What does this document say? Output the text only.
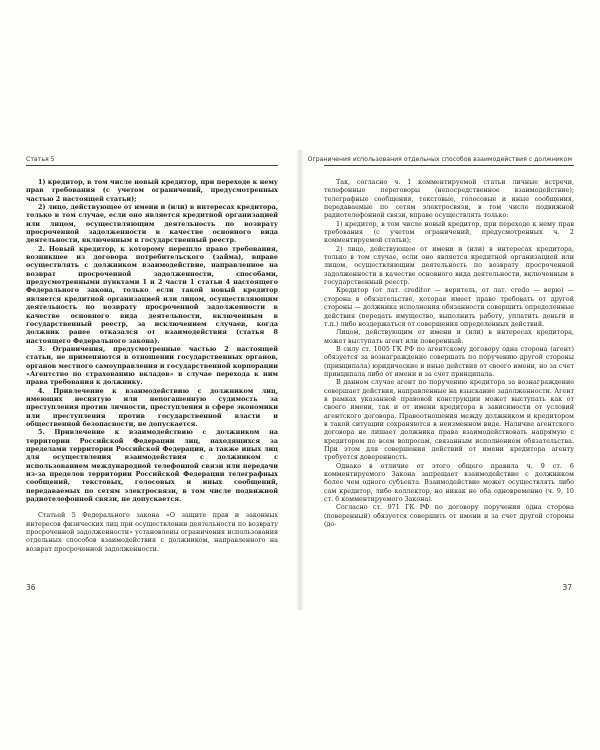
Статья 5

1) кредитор, в том числе новый кредитор, при переходе к нему прав требования (с учетом ограничений, предусмотренных частью 2 настоящей статьи);

2) лицо, действующее от имени и (или) в интересах кредитора, только в том случае, если оно является кредитной организацией или лицом, осуществляющим деятельность по возврату просроченной задолженности в качестве основного вида деятельности, включенным в государственный реестр.

2. Новый кредитор, к которому перешло право требования, возникшее из договора потребительского (займа), вправе осуществлять с должником взаимодействие, направленное на возврат просроченной задолженности, способами, предусмотренными пунктами 1 и 2 части 1 статьи 4 настоящего Федерального закона, только если такой новый кредитор является кредитной организацией или лицом, осуществляющим деятельность по возврату просроченной задолженности в качестве основного вида деятельности, включенным в государственный реестр, за исключением случаев, когда должник ранее отказался от взаимодействия (статья 8 настоящего Федерального закона).

3. Ограничения, предусмотренные частью 2 настоящей статьи, не применяются в отношении государственных органов, органов местного самоуправления и государственной корпорации «Агентство по страхованию вкладов» в случае перехода к ним права требования к должнику.

4. Привлечение к взаимодействию с должником лиц, имеющих неснятую или непогашенную судимость за преступления против личности, преступления в сфере экономики или преступления против государственной власти и общественной безопасности, не допускается.

5. Привлечение к взаимодействию с должником на территории Российской Федерации лиц, находящихся за пределами территории Российской Федерации, а также иных лиц для осуществления взаимодействия с должником с использованием международной телефонной связи или передачи из-за пределов территории Российской Федерации телеграфных сообщений, текстовых, голосовых и иных сообщений, передаваемых по сетям электросвязи, в том числе подвижной радиотелефонной связи, не допускается.

Статьей 5 Федерального закона «О защите прав и законных интересов физических лиц при осуществлении деятельности по возврату просроченной задолженности» установлены ограничения использования отдельных способов взаимодействия с должником, направленного на возврат просроченной задолженности.

36
Ограничения использования отдельных способов взаимодействия с должником

Так, согласно ч. 1 комментируемой статьи личные встречи, телефонные переговоры (непосредственное взаимодействие); телеграфные сообщения, текстовые, голосовые и иные сообщения, передаваемые по сетям электросвязи, в том числе подвижной радиотелефонной связи, вправе осуществлять только:

1) кредитор, в том числе новый кредитор, при переходе к нему прав требования (с учетом ограничений, предусмотренных ч. 2 комментируемой статьи);

2) лицо, действующее от имени и (или) в интересах кредитора, только в том случае, если оно является кредитной организацией или лицом, осуществляющим деятельность по возврату просроченной задолженности в качестве основного вида деятельности, включенным в государственный реестр.

Кредитор (от лат. creditor — веритель, от лат. credo — верю) — сторона в обязательстве, которая имеет право требовать от другой стороны — должника исполнения обязанности совершить определенные действия (передать имущество, выполнить работу, уплатить деньги и т.п.) либо воздержаться от совершения определенных действий.

Лицом, действующим от имени и (или) в интересах кредитора, может выступать агент или поверенный.

В силу ст. 1005 ГК РФ по агентскому договору одна сторона (агент) обязуется за вознаграждение совершать по поручению другой стороны (принципала) юридические и иные действия от своего имени, но за счет принципала либо от имени и за счет принципала.

В данном случае агент по поручению кредитора за вознаграждение совершает действия, направленные на взыскание задолженности. Агент в рамках указанной правовой конструкции может выступать как от своего имени, так и от имени кредитора в зависимости от условий агентского договора. Правоотношения между должником и кредитором в такой ситуации сохраняются в неизменном виде. Наличие агентского договора не лишает должника права взаимодействовать напрямую с кредитором по всем вопросам, связанным исполнением обязательства. При этом для совершения действий от имени кредитора агенту требуется доверенность.

Однако в отличие от этого общего правила ч. 9 ст. 6 комментируемого Закона запрещает взаимодействие с должником более чем одного субъекта. Взаимодействие может осуществлять либо сам кредитор, либо коллектор, но никак не оба одновременно (ч. 9, 10 ст. 6 комментируемого Закона).

Согласно ст. 971 ГК РФ по договору поручения одна сторона (поверенный) обязуется совершить от имени и за счет другой стороны (до-

37
